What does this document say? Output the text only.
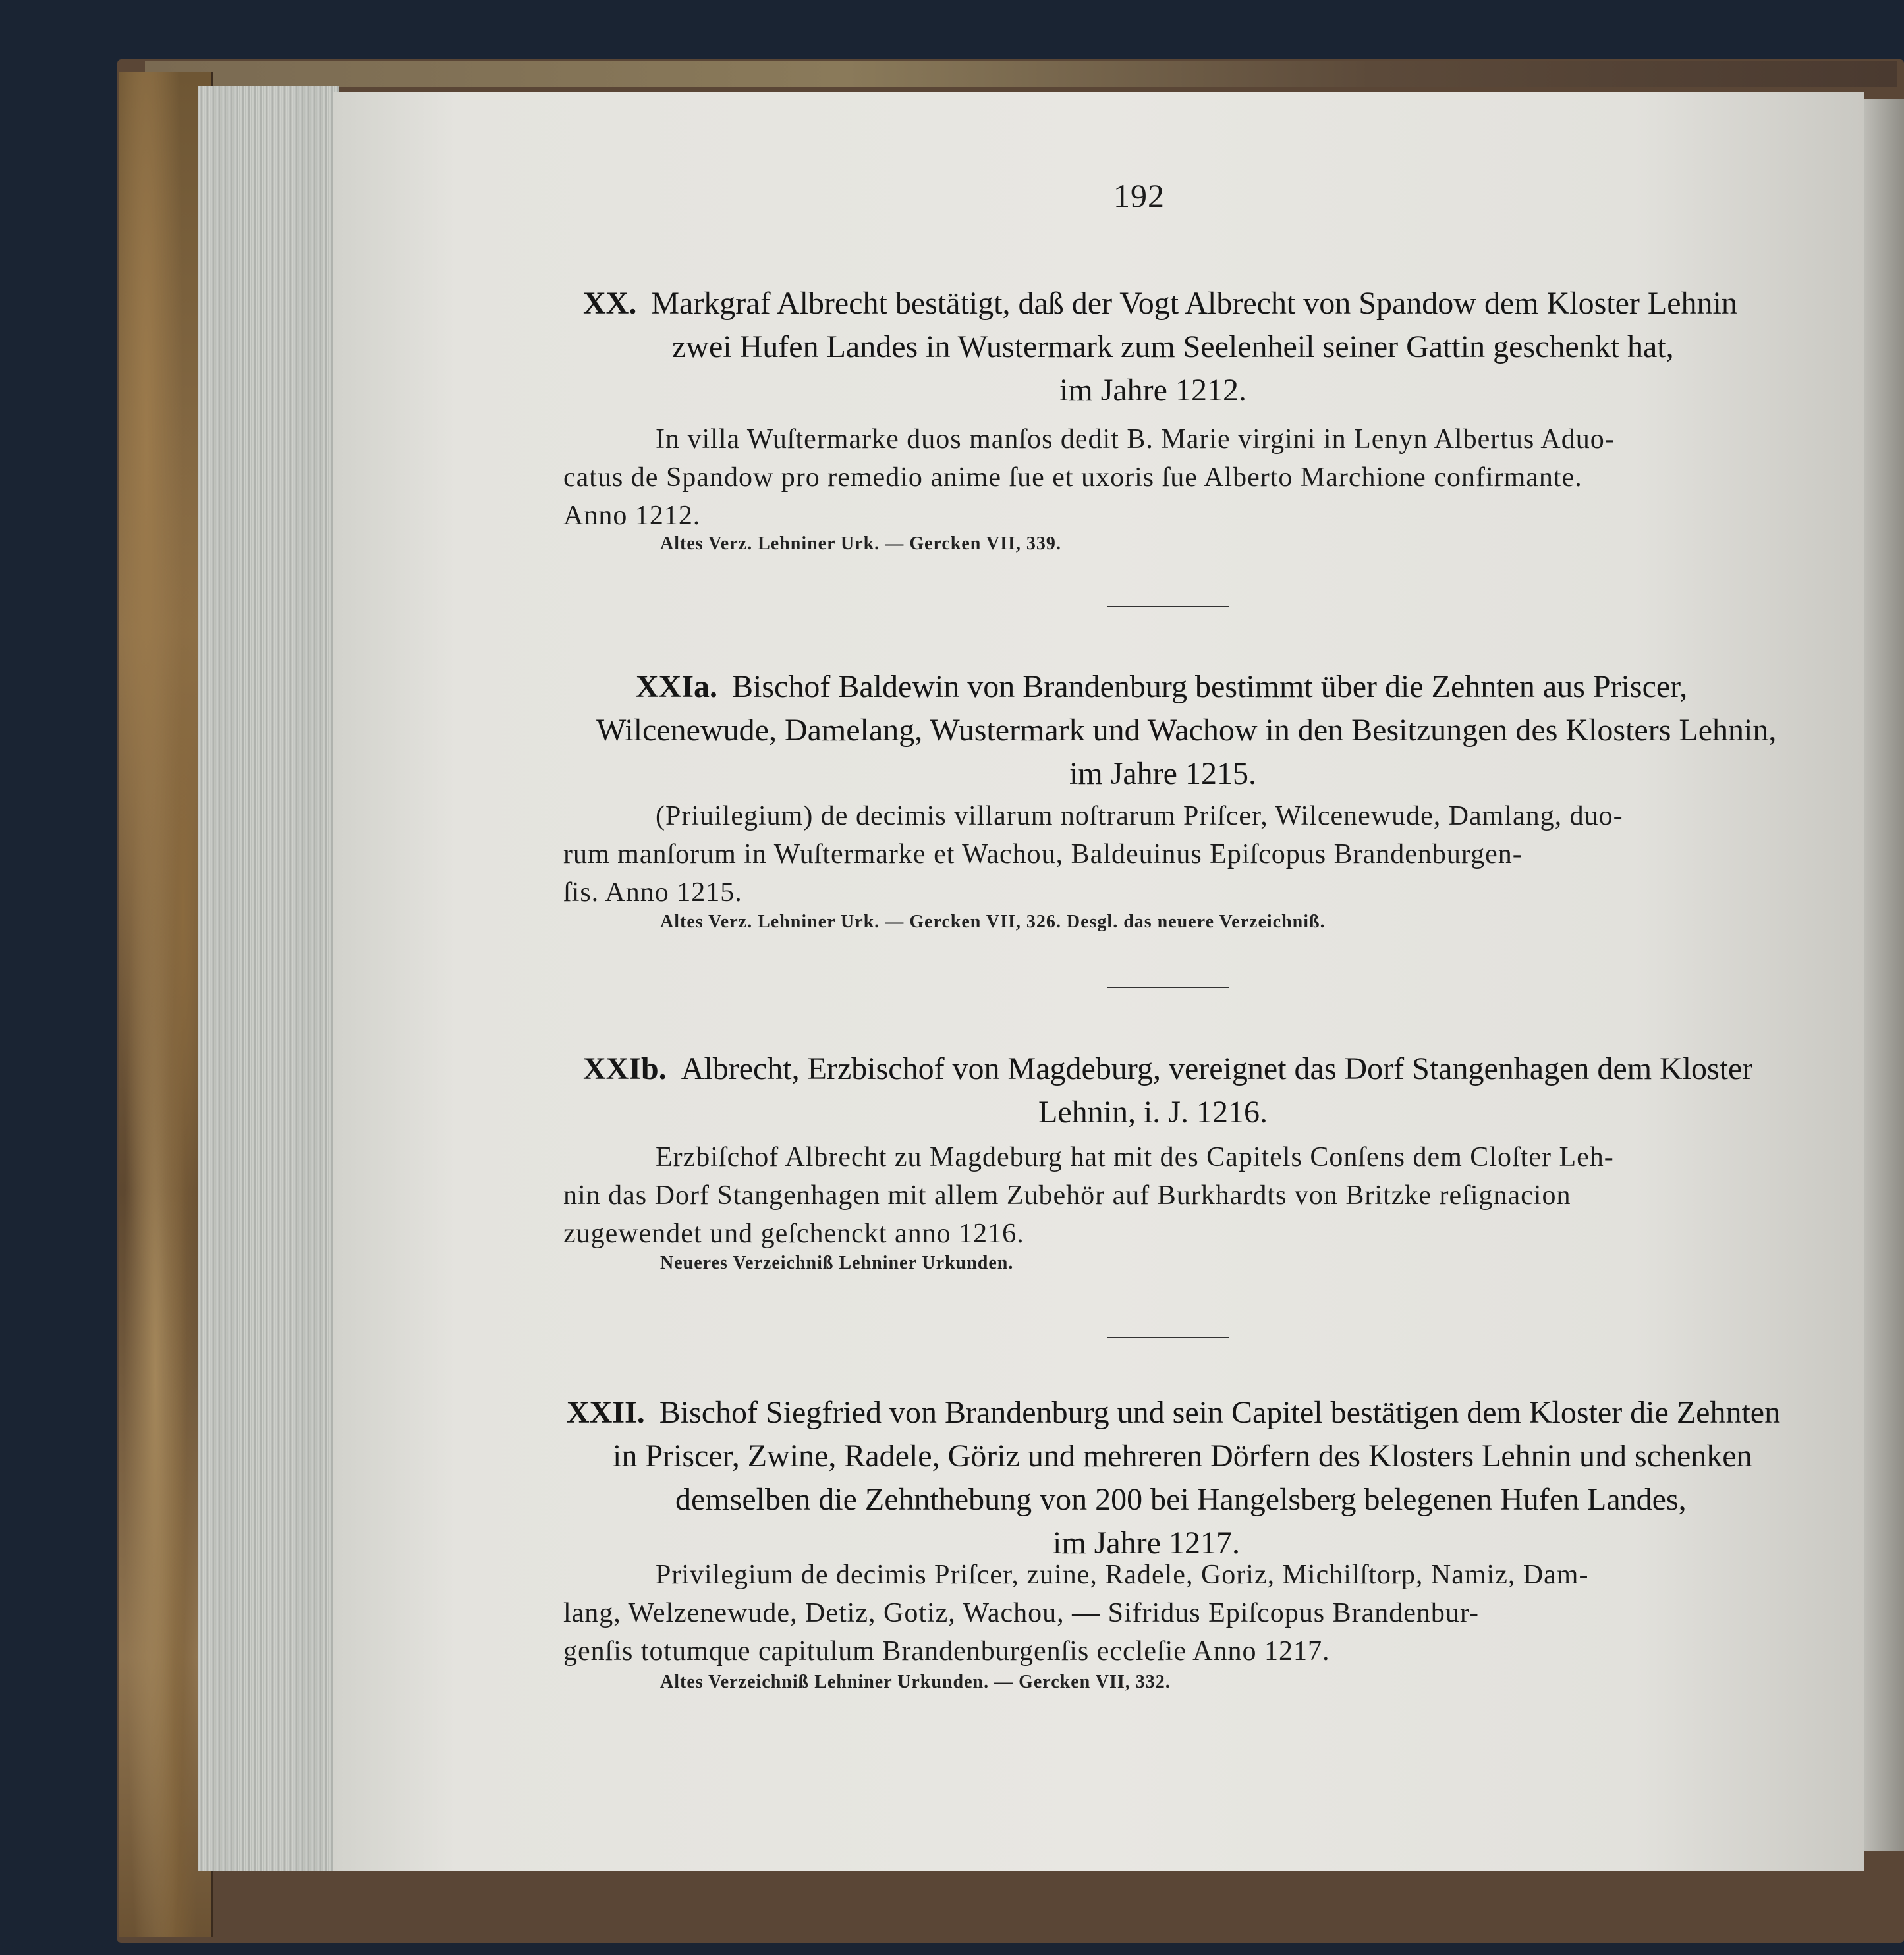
192
XX. Markgraf Albrecht bestätigt, daß der Vogt Albrecht von Spandow dem Kloster Lehnin
zwei Hufen Landes in Wustermark zum Seelenheil seiner Gattin geschenkt hat,
im Jahre 1212.
In villa Wuſtermarke duos manſos dedit B. Marie virgini in Lenyn Albertus Aduo-
catus de Spandow pro remedio anime ſue et uxoris ſue Alberto Marchione confirmante.
Anno 1212.
Altes Verz. Lehniner Urk. — Gercken VII, 339.
XXIa. Bischof Baldewin von Brandenburg bestimmt über die Zehnten aus Priscer,
Wilcenewude, Damelang, Wustermark und Wachow in den Besitzungen des Klosters Lehnin,
im Jahre 1215.
(Priuilegium) de decimis villarum noſtrarum Priſcer, Wilcenewude, Damlang, duo-
rum manſorum in Wuſtermarke et Wachou, Baldeuinus Epiſcopus Brandenburgen-
ſis. Anno 1215.
Altes Verz. Lehniner Urk. — Gercken VII, 326. Desgl. das neuere Verzeichniß.
XXIb. Albrecht, Erzbischof von Magdeburg, vereignet das Dorf Stangenhagen dem Kloster
Lehnin, i. J. 1216.
Erzbiſchof Albrecht zu Magdeburg hat mit des Capitels Conſens dem Cloſter Leh-
nin das Dorf Stangenhagen mit allem Zubehör auf Burkhardts von Britzke reſignacion
zugewendet und geſchenckt anno 1216.
Neueres Verzeichniß Lehniner Urkunden.
XXII. Bischof Siegfried von Brandenburg und sein Capitel bestätigen dem Kloster die Zehnten
in Priscer, Zwine, Radele, Göriz und mehreren Dörfern des Klosters Lehnin und schenken
demselben die Zehnthebung von 200 bei Hangelsberg belegenen Hufen Landes,
im Jahre 1217.
Privilegium de decimis Priſcer, zuine, Radele, Goriz, Michilſtorp, Namiz, Dam-
lang, Welzenewude, Detiz, Gotiz, Wachou, — Sifridus Epiſcopus Brandenbur-
genſis totumque capitulum Brandenburgenſis eccleſie Anno 1217.
Altes Verzeichniß Lehniner Urkunden. — Gercken VII, 332.
